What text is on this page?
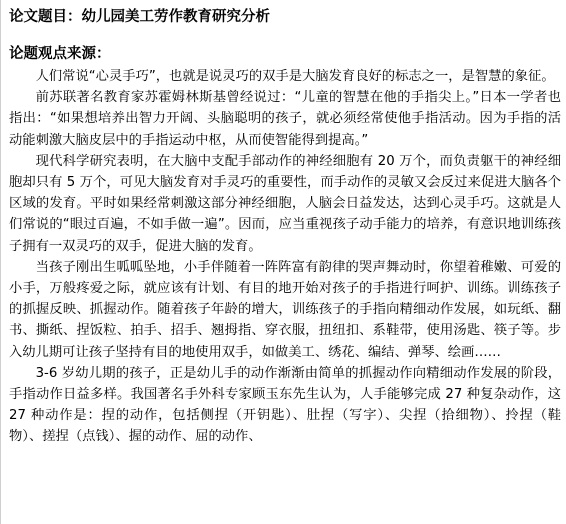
论文题目：幼儿园美工劳作教育研究分析
论题观点来源：

人们常说“心灵手巧”，也就是说灵巧的双手是大脑发育良好的标志之一，是智慧的象征。

前苏联著名教育家苏霍姆林斯基曾经说过：“儿童的智慧在他的手指尖上。”日本一学者也指出：“如果想培养出智力开阔、头脑聪明的孩子，就必须经常使他手指活动。因为手指的活动能刺激大脑皮层中的手指运动中枢，从而使智能得到提高。”

现代科学研究表明，在大脑中支配手部动作的神经细胞有 20 万个，而负责躯干的神经细胞却只有 5 万个，可见大脑发育对手灵巧的重要性，而手动作的灵敏又会反过来促进大脑各个区域的发育。平时如果经常刺激这部分神经细胞，人脑会日益发达，达到心灵手巧。这就是人们常说的“眼过百遍，不如手做一遍”。因而，应当重视孩子动手能力的培养，有意识地训练孩子拥有一双灵巧的双手，促进大脑的发育。

当孩子刚出生呱呱坠地，小手伴随着一阵阵富有韵律的哭声舞动时，你望着稚嫩、可爱的小手，万般疼爱之际，就应该有计划、有目的地开始对孩子的手指进行呵护、训练。训练孩子的抓握反映、抓握动作。随着孩子年龄的增大，训练孩子的手指向精细动作发展，如玩纸、翻书、撕纸、捏饭粒、拍手、招手、翘拇指、穿衣服，扭纽扣、系鞋带，使用汤匙、筷子等。步入幼儿期可让孩子坚持有目的地使用双手，如做美工、绣花、编结、弹琴、绘画……

3-6 岁幼儿期的孩子，正是幼儿手的动作渐渐由简单的抓握动作向精细动作发展的阶段，手指动作日益多样。我国著名手外科专家顾玉东先生认为，人手能够完成 27 种复杂动作，这 27 种动作是：捏的动作，包括侧捏（开钥匙）、肚捏（写字）、尖捏（拾细物）、拎捏（鞋物）、搓捏（点钱）、握的动作、屈的动作、
